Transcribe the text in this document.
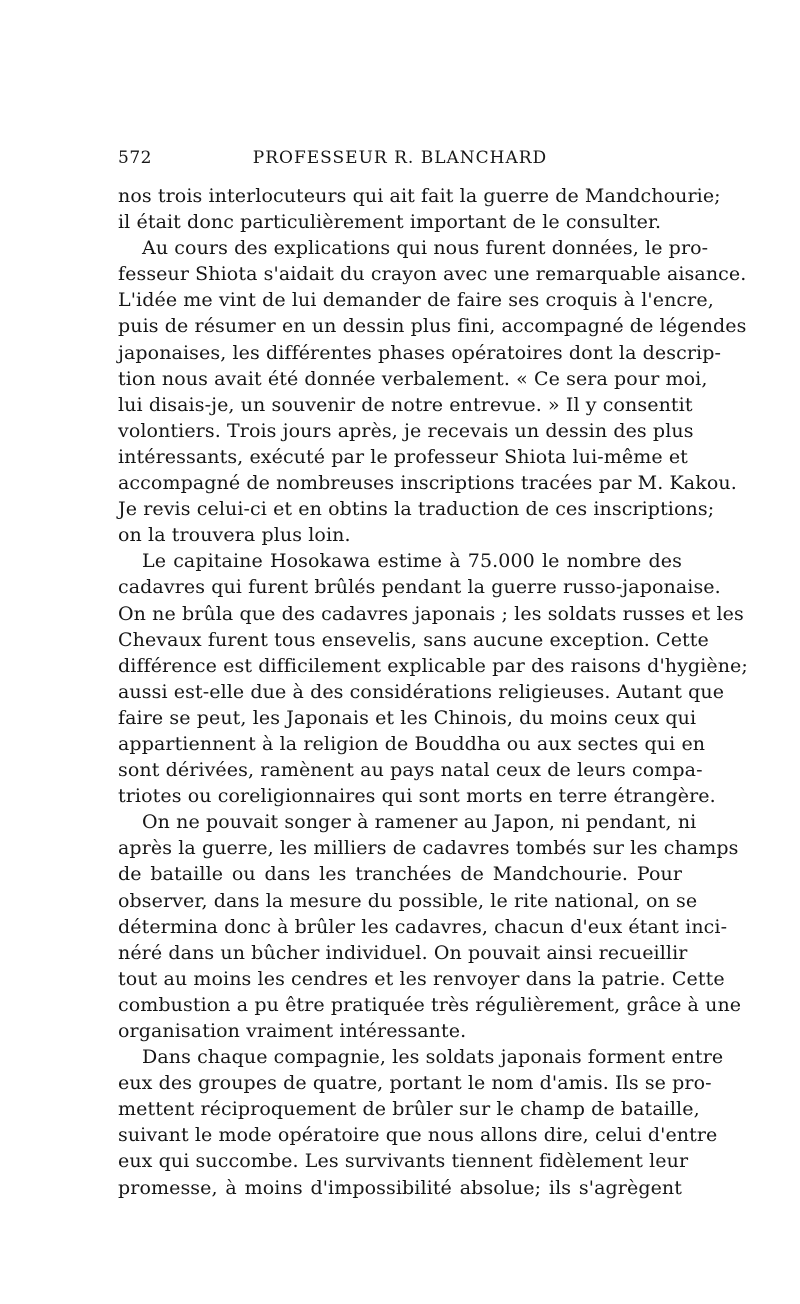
572	PROFESSEUR R. BLANCHARD
nos trois interlocuteurs qui ait fait la guerre de Mandchourie;
il était donc particulièrement important de le consulter.
Au cours des explications qui nous furent données, le pro-
fesseur Shiota s'aidait du crayon avec une remarquable aisance.
L'idée me vint de lui demander de faire ses croquis à l'encre,
puis de résumer en un dessin plus fini, accompagné de légendes
japonaises, les différentes phases opératoires dont la descrip-
tion nous avait été donnée verbalement. « Ce sera pour moi,
lui disais-je, un souvenir de notre entrevue. » Il y consentit
volontiers. Trois jours après, je recevais un dessin des plus
intéressants, exécuté par le professeur Shiota lui-même et
accompagné de nombreuses inscriptions tracées par M. Kakou.
Je revis celui-ci et en obtins la traduction de ces inscriptions;
on la trouvera plus loin.
Le capitaine Hosokawa estime à 75.000 le nombre des
cadavres qui furent brûlés pendant la guerre russo-japonaise.
On ne brûla que des cadavres japonais ; les soldats russes et les
Chevaux furent tous ensevelis, sans aucune exception. Cette
différence est difficilement explicable par des raisons d'hygiène;
aussi est-elle due à des considérations religieuses. Autant que
faire se peut, les Japonais et les Chinois, du moins ceux qui
appartiennent à la religion de Bouddha ou aux sectes qui en
sont dérivées, ramènent au pays natal ceux de leurs compa-
triotes ou coreligionnaires qui sont morts en terre étrangère.
On ne pouvait songer à ramener au Japon, ni pendant, ni
après la guerre, les milliers de cadavres tombés sur les champs
de bataille ou dans les tranchées de Mandchourie. Pour
observer, dans la mesure du possible, le rite national, on se
détermina donc à brûler les cadavres, chacun d'eux étant inci-
néré dans un bûcher individuel. On pouvait ainsi recueillir
tout au moins les cendres et les renvoyer dans la patrie. Cette
combustion a pu être pratiquée très régulièrement, grâce à une
organisation vraiment intéressante.
Dans chaque compagnie, les soldats japonais forment entre
eux des groupes de quatre, portant le nom d'amis. Ils se pro-
mettent réciproquement de brûler sur le champ de bataille,
suivant le mode opératoire que nous allons dire, celui d'entre
eux qui succombe. Les survivants tiennent fidèlement leur
promesse, à moins d'impossibilité absolue; ils s'agrègent
